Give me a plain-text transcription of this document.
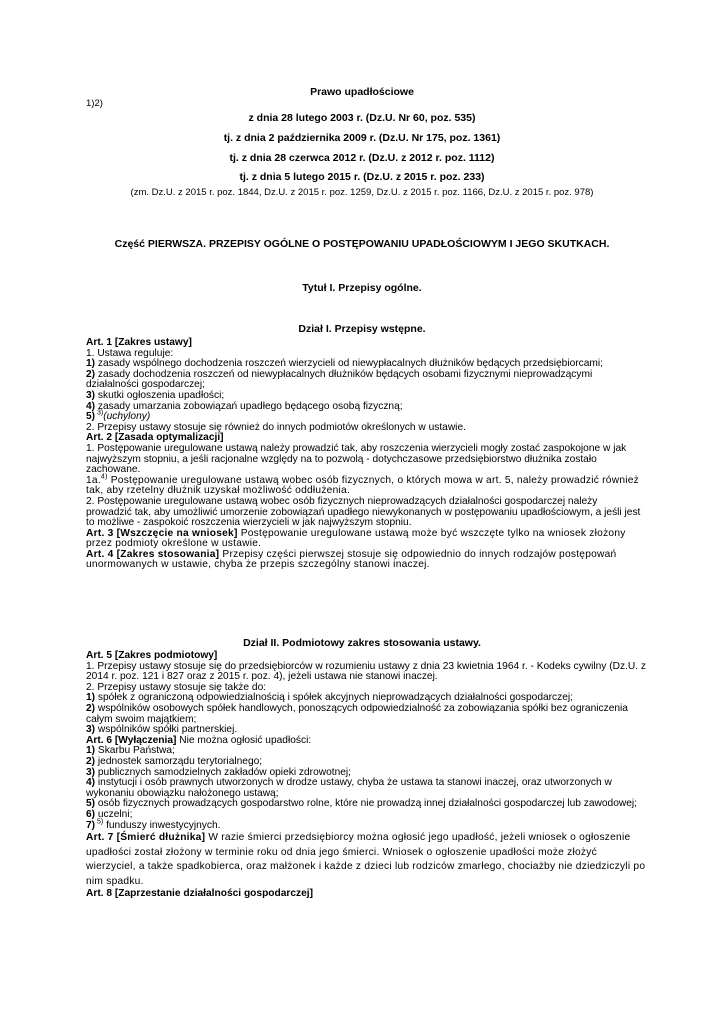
Prawo upadłościowe
1)2)
z dnia 28 lutego 2003 r. (Dz.U. Nr 60, poz. 535)
tj. z dnia 2 października 2009 r. (Dz.U. Nr 175, poz. 1361)
tj. z dnia 28 czerwca 2012 r. (Dz.U. z 2012 r. poz. 1112)
tj. z dnia 5 lutego 2015 r. (Dz.U. z 2015 r. poz. 233)
(zm. Dz.U. z 2015 r. poz. 1844, Dz.U. z 2015 r. poz. 1259, Dz.U. z 2015 r. poz. 1166, Dz.U. z 2015 r. poz. 978)
Część PIERWSZA. PRZEPISY OGÓLNE O POSTĘPOWANIU UPADŁOŚCIOWYM I JEGO SKUTKACH.
Tytuł I. Przepisy ogólne.
Dział I. Przepisy wstępne.

Art. 1 [Zakres ustawy]

1. Ustawa reguluje:

1) zasady wspólnego dochodzenia roszczeń wierzycieli od niewypłacalnych dłużników będących przedsiębiorcami;

2) zasady dochodzenia roszczeń od niewypłacalnych dłużników będących osobami fizycznymi nieprowadzącymi działalności gospodarczej;

3) skutki ogłoszenia upadłości;

4) zasady umarzania zobowiązań upadłego będącego osobą fizyczną;

5) $^{3)}$(uchylony)

2. Przepisy ustawy stosuje się również do innych podmiotów określonych w ustawie.

Art. 2 [Zasada optymalizacji]

1. Postępowanie uregulowane ustawą należy prowadzić tak, aby roszczenia wierzycieli mogły zostać zaspokojone w jak najwyższym stopniu, a jeśli racjonalne względy na to pozwolą - dotychczasowe przedsiębiorstwo dłużnika zostało zachowane.

1a.$^{4)}$ Postępowanie uregulowane ustawą wobec osób fizycznych, o których mowa w art. 5, należy prowadzić również tak, aby rzetelny dłużnik uzyskał możliwość oddłużenia.

2. Postępowanie uregulowane ustawą wobec osób fizycznych nieprowadzących działalności gospodarczej należy prowadzić tak, aby umożliwić umorzenie zobowiązań upadłego niewykonanych w postępowaniu upadłościowym, a jeśli jest to możliwe - zaspokoić roszczenia wierzycieli w jak najwyższym stopniu.

Art. 3 [Wszczęcie na wniosek] Postępowanie uregulowane ustawą może być wszczęte tylko na wniosek złożony przez podmioty określone w ustawie.

Art. 4 [Zakres stosowania] Przepisy części pierwszej stosuje się odpowiednio do innych rodzajów postępowań unormowanych w ustawie, chyba że przepis szczególny stanowi inaczej.

Dział II. Podmiotowy zakres stosowania ustawy.

Art. 5 [Zakres podmiotowy]

1. Przepisy ustawy stosuje się do przedsiębiorców w rozumieniu ustawy z dnia 23 kwietnia 1964 r. - Kodeks cywilny (Dz.U. z 2014 r. poz. 121 i 827 oraz z 2015 r. poz. 4), jeżeli ustawa nie stanowi inaczej.

2. Przepisy ustawy stosuje się także do:

1) spółek z ograniczoną odpowiedzialnością i spółek akcyjnych nieprowadzących działalności gospodarczej;

2) wspólników osobowych spółek handlowych, ponoszących odpowiedzialność za zobowiązania spółki bez ograniczenia całym swoim majątkiem;

3) wspólników spółki partnerskiej.

Art. 6 [Wyłączenia] Nie można ogłosić upadłości:

1) Skarbu Państwa;

2) jednostek samorządu terytorialnego;

3) publicznych samodzielnych zakładów opieki zdrowotnej;

4) instytucji i osób prawnych utworzonych w drodze ustawy, chyba że ustawa ta stanowi inaczej, oraz utworzonych w wykonaniu obowiązku nałożonego ustawą;

5) osób fizycznych prowadzących gospodarstwo rolne, które nie prowadzą innej działalności gospodarczej lub zawodowej;

6) uczelni;

7) $^{5)}$ funduszy inwestycyjnych.

Art. 7 [Śmierć dłużnika] W razie śmierci przedsiębiorcy można ogłosić jego upadłość, jeżeli wniosek o ogłoszenie upadłości został złożony w terminie roku od dnia jego śmierci. Wniosek o ogłoszenie upadłości może złożyć wierzyciel, a także spadkobierca, oraz małżonek i każde z dzieci lub rodziców zmarłego, chociażby nie dziedziczyli po nim spadku.

Art. 8 [Zaprzestanie działalności gospodarczej]
